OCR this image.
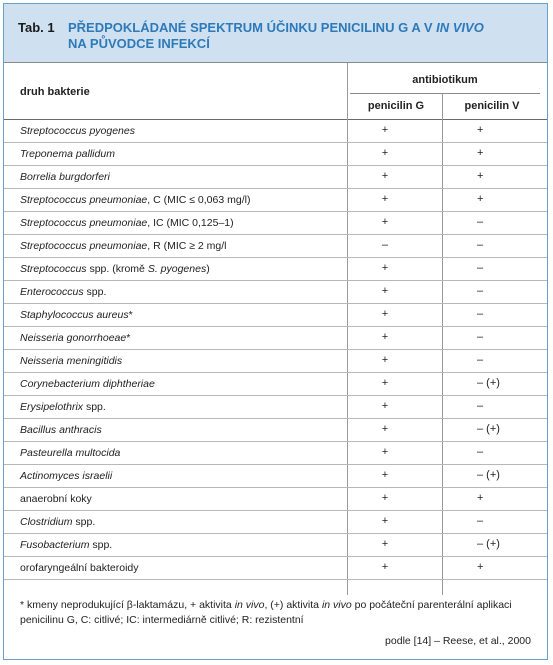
Tab. 1 PŘEDPOKLÁDANÉ SPEKTRUM ÚČINKU PENICILINU G A V IN VIVO
NA PŮVODCE INFEKCÍ
druh bakterie
antibiotikum
penicilin G	penicilin V
Streptococcus pyogenes	+	+
Treponema pallidum	+	+
Borrelia burgdorferi	+	+
Streptococcus pneumoniae, C (MIC ≤ 0,063 mg/l)	+	+
Streptococcus pneumoniae, IC (MIC 0,125–1)	+	–
Streptococcus pneumoniae, R (MIC ≥ 2 mg/l	–	–
Streptococcus spp. (kromě S. pyogenes)	+	–
Enterococcus spp.	+	–
Staphylococcus aureus*	+	–
Neisseria gonorrhoeae*	+	–
Neisseria meningitidis	+	–
Corynebacterium diphtheriae	+	– (+)
Erysipelothrix spp.	+	–
Bacillus anthracis	+	– (+)
Pasteurella multocida	+	–
Actinomyces israelii	+	– (+)
anaerobní koky	+	+
Clostridium spp.	+	–
Fusobacterium spp.	+	– (+)
orofaryngeální bakteroidy	+	+
* kmeny neprodukující β-laktamázu, + aktivita in vivo, (+) aktivita in vivo po počáteční parenterální aplikaci penicilinu G, C: citlivé; IC: intermediárně citlivé; R: rezistentní
podle [14] – Reese, et al., 2000
